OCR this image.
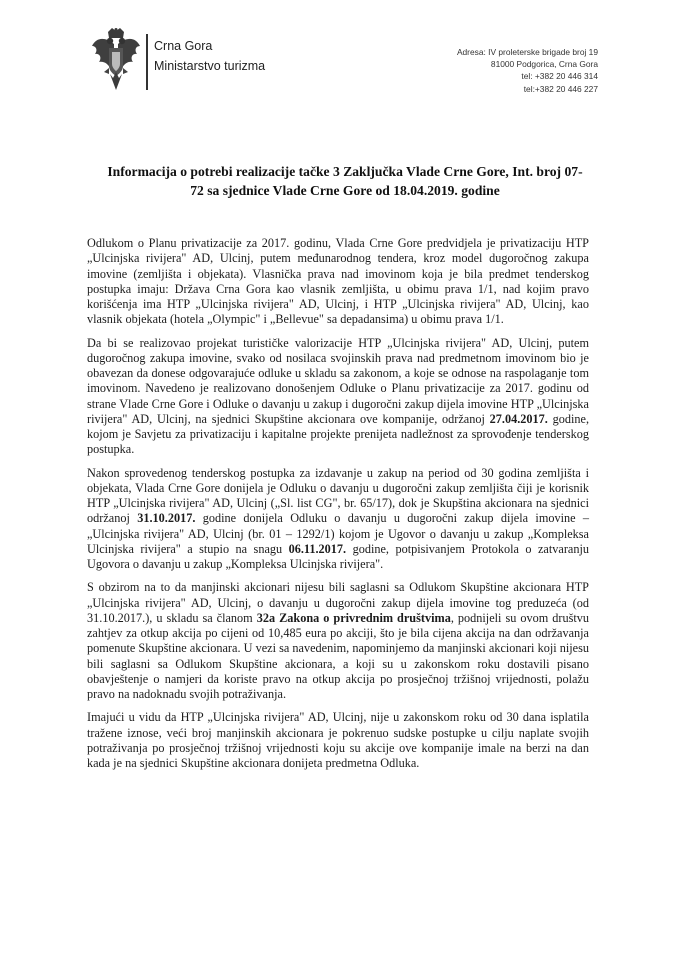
Crna Gora
Ministarstvo turizma
Adresa: IV proleterske brigade broj 19
81000 Podgorica, Crna Gora
tel: +382 20 446 314
tel:+382 20 446 227
Informacija o potrebi realizacije tačke 3 Zaključka Vlade Crne Gore, Int. broj 07-
72 sa sjednice Vlade Crne Gore od 18.04.2019. godine

Odlukom o Planu privatizacije za 2017. godinu, Vlada Crne Gore predvidjela je privatizaciju HTP „Ulcinjska rivijera" AD, Ulcinj, putem međunarodnog tendera, kroz model dugoročnog zakupa imovine (zemljišta i objekata). Vlasnička prava nad imovinom koja je bila predmet tenderskog postupka imaju: Država Crna Gora kao vlasnik zemljišta, u obimu prava 1/1, nad kojim pravo korišćenja ima HTP „Ulcinjska rivijera" AD, Ulcinj, i HTP „Ulcinjska rivijera" AD, Ulcinj, kao vlasnik objekata (hotela „Olympic" i „Bellevue" sa depadansima) u obimu prava 1/1.

Da bi se realizovao projekat turističke valorizacije HTP „Ulcinjska rivijera" AD, Ulcinj, putem dugoročnog zakupa imovine, svako od nosilaca svojinskih prava nad predmetnom imovinom bio je obavezan da donese odgovarajuće odluke u skladu sa zakonom, a koje se odnose na raspolaganje tom imovinom. Navedeno je realizovano donošenjem Odluke o Planu privatizacije za 2017. godinu od strane Vlade Crne Gore i Odluke o davanju u zakup i dugoročni zakup dijela imovine HTP „Ulcinjska rivijera" AD, Ulcinj, na sjednici Skupštine akcionara ove kompanije, održanoj 27.04.2017. godine, kojom je Savjetu za privatizaciju i kapitalne projekte prenijeta nadležnost za sprovođenje tenderskog postupka.

Nakon sprovedenog tenderskog postupka za izdavanje u zakup na period od 30 godina zemljišta i objekata, Vlada Crne Gore donijela je Odluku o davanju u dugoročni zakup zemljišta čiji je korisnik HTP „Ulcinjska rivijera" AD, Ulcinj („Sl. list CG", br. 65/17), dok je Skupština akcionara na sjednici održanoj 31.10.2017. godine donijela Odluku o davanju u dugoročni zakup dijela imovine – „Ulcinjska rivijera" AD, Ulcinj (br. 01 – 1292/1) kojom je Ugovor o davanju u zakup „Kompleksa Ulcinjska rivijera" a stupio na snagu 06.11.2017. godine, potpisivanjem Protokola o zatvaranju Ugovora o davanju u zakup „Kompleksa Ulcinjska rivijera".

S obzirom na to da manjinski akcionari nijesu bili saglasni sa Odlukom Skupštine akcionara HTP „Ulcinjska rivijera" AD, Ulcinj, o davanju u dugoročni zakup dijela imovine tog preduzeća (od 31.10.2017.), u skladu sa članom 32a Zakona o privrednim društvima, podnijeli su ovom društvu zahtjev za otkup akcija po cijeni od 10,485 eura po akciji, što je bila cijena akcija na dan održavanja pomenute Skupštine akcionara. U vezi sa navedenim, napominjemo da manjinski akcionari koji nijesu bili saglasni sa Odlukom Skupštine akcionara, a koji su u zakonskom roku dostavili pisano obavještenje o namjeri da koriste pravo na otkup akcija po prosječnoj tržišnoj vrijednosti, polažu pravo na nadoknadu svojih potraživanja.

Imajući u vidu da HTP „Ulcinjska rivijera" AD, Ulcinj, nije u zakonskom roku od 30 dana isplatila tražene iznose, veći broj manjinskih akcionara je pokrenuo sudske postupke u cilju naplate svojih potraživanja po prosječnoj tržišnoj vrijednosti koju su akcije ove kompanije imale na berzi na dan kada je na sjednici Skupštine akcionara donijeta predmetna Odluka.
